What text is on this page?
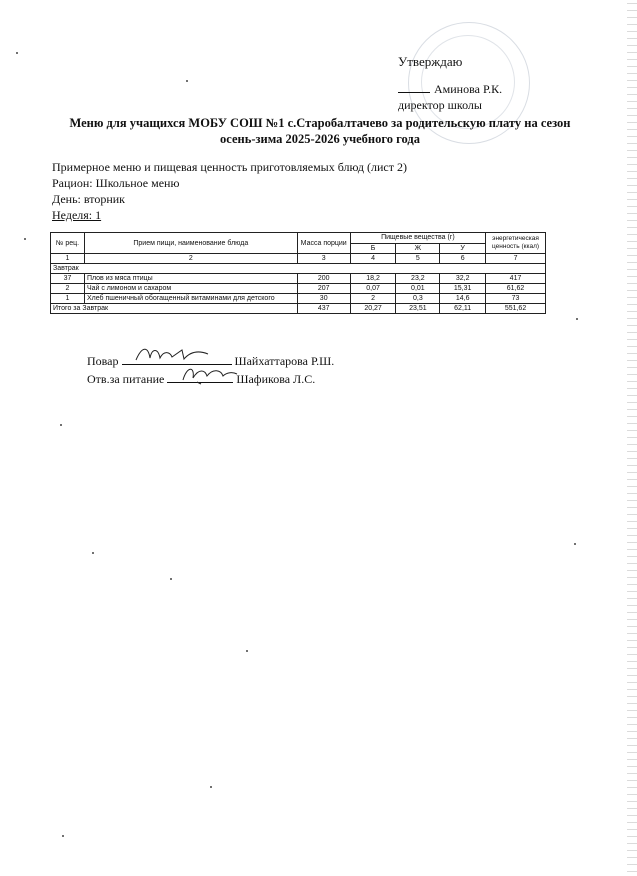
Утверждаю
Аминова Р.К.
директор школы
Меню для учащихся МОБУ СОШ №1 с.Старобалтачево за родительскую плату на сезон
осень-зима 2025-2026 учебного года
Примерное меню и пищевая ценность приготовляемых блюд (лист 2)
Рацион: Школьное меню
День: вторник
Неделя: 1
№ рец.	Прием пищи, наименование блюда	Масса порции	Пищевые вещества (г)			энергетическая ценность (ккал)
			Б	Ж	У	
1	2	3	4	5	6	7
Завтрак						
37	Плов из мяса птицы	200	18,2	23,2	32,2	417
2	Чай с лимоном и сахаром	207	0,07	0,01	15,31	61,62
1	Хлеб пшеничный обогащенный витаминами для детского	30	2	0,3	14,6	73
Итого за Завтрак		437	20,27	23,51	62,11	551,62
Повар	Шайхаттарова Р.Ш.
Отв.за питание	Шафикова Л.С.
